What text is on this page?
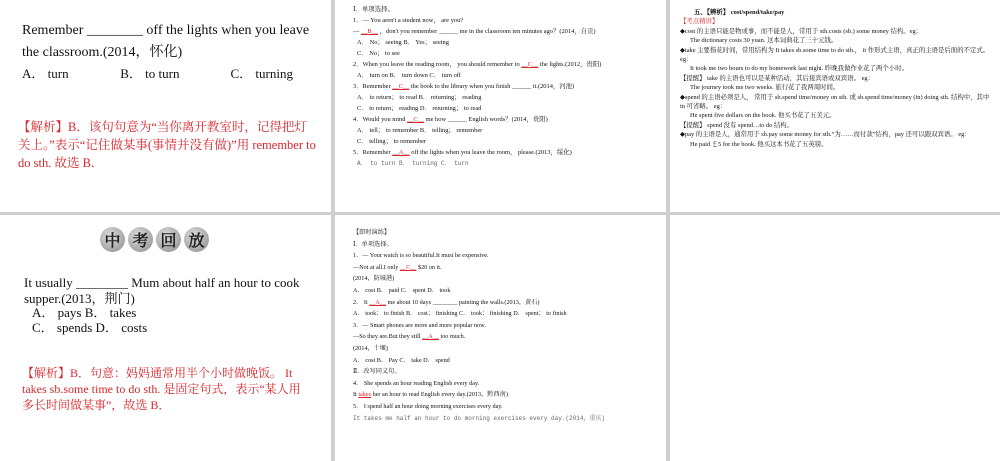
Remember ________ off the lights when you leave the classroom.(2014，怀化)
A． turn	B． to turn	C． turning
【解析】B．该句句意为“当你离开教室时，记得把灯关上。”表示“记住做某事(事情并没有做)”用 remember to do sth. 故选 B．
Ⅰ．单项选择。
1．— You aren't a student now， are you?
— __B__ ，don't you remember ______ me in the classroom ten minutes ago？(2014，自贡)
A． No； seeing B． Yes； seeing
C． No； to see
2．When you leave the reading room， you should remember to __C__ the lights.(2012，贵阳)
A． turn on B． turn down C． turn off
3．Remember __C__ the book to the library when you finish ______ it.(2014，河池)
A． to return； to read B． returning； reading
C． to return； reading D． returning； to read
4．Would you mind __C__ me how ______ English words？(2014，贵阳)
A． tell； to remember B． telling； remember
C． telling； to remember
5．Remember __A__ off the lights when you leave the room， please.(2013，绥化)
A． to turn B． turning C． turn
五、【辨析】 cost/spend/take/pay
【考点精讲】
◆cost 的主语只能是物或事，而不能是人，常用于 sth.costs (sb.) some money 结构。eg：
The dictionary costs 30 yuan. 这本词典花了三十元钱。
◆take 主要指花时间，常用结构为 It takes sb.some time to do sth.， it 作形式主语，真正的主语是后面的不定式。eg：
It took me two hours to do my homework last night. 昨晚我做作业花了两个小时。
【提醒】 take 的主语也可以是某种活动，其后接宾语或双宾语。 eg：
The journey took me two weeks. 旅行花了我两周时间。
◆spend 的主语必须是人， 常用于 sb.spend time/money on sth. 或 sb.spend time/money (in) doing sth. 结构中，其中 in 可省略。 eg：
He spent five dollars on the book. 他买书花了五美元。
【提醒】 spend 没有 spend…to do 结构。
◆pay 的主语是人，通常用于 sb.pay some money for sth.“为……而付款”结构，pay 还可以跟双宾语。 eg：
He paid ￡5 for the book. 他买这本书花了五英镑。
中 考 回 放
It usually ________ Mum about half an hour to cook supper.(2013，荆门)
A． pays B． takes
C． spends D． costs
【解析】B．句意：妈妈通常用半个小时做晚饭。 It takes sb.some time to do sth. 是固定句式，表示“某人用多长时间做某事”，故选 B．
【即时演练】
Ⅰ．单项选择。
1．— Your watch is so beautiful.It must be expensive.
—Not at all.I only __C__ $20 on it.
(2014，防城港)
A． cost B． paid C． spent D． took
2． It __A__ me about 10 days ________ painting the walls.(2013，黄石)
A． took； to finish B． cost； finishing C． took； finishing D． spent； to finish
3．— Smart phones are more and more popular now.
—So they are.But they still __A__ too much.
(2014，十堰)
A． cost B． Pay C． take D． spend
Ⅱ．改写同义句。
4． She spends an hour reading English every day.
It takes her an hour to read English every day.(2013，黔西南)
5． I spend half an hour doing morning exercises every day.
It takes me half an hour to do morning exercises every day.(2014，重庆)
